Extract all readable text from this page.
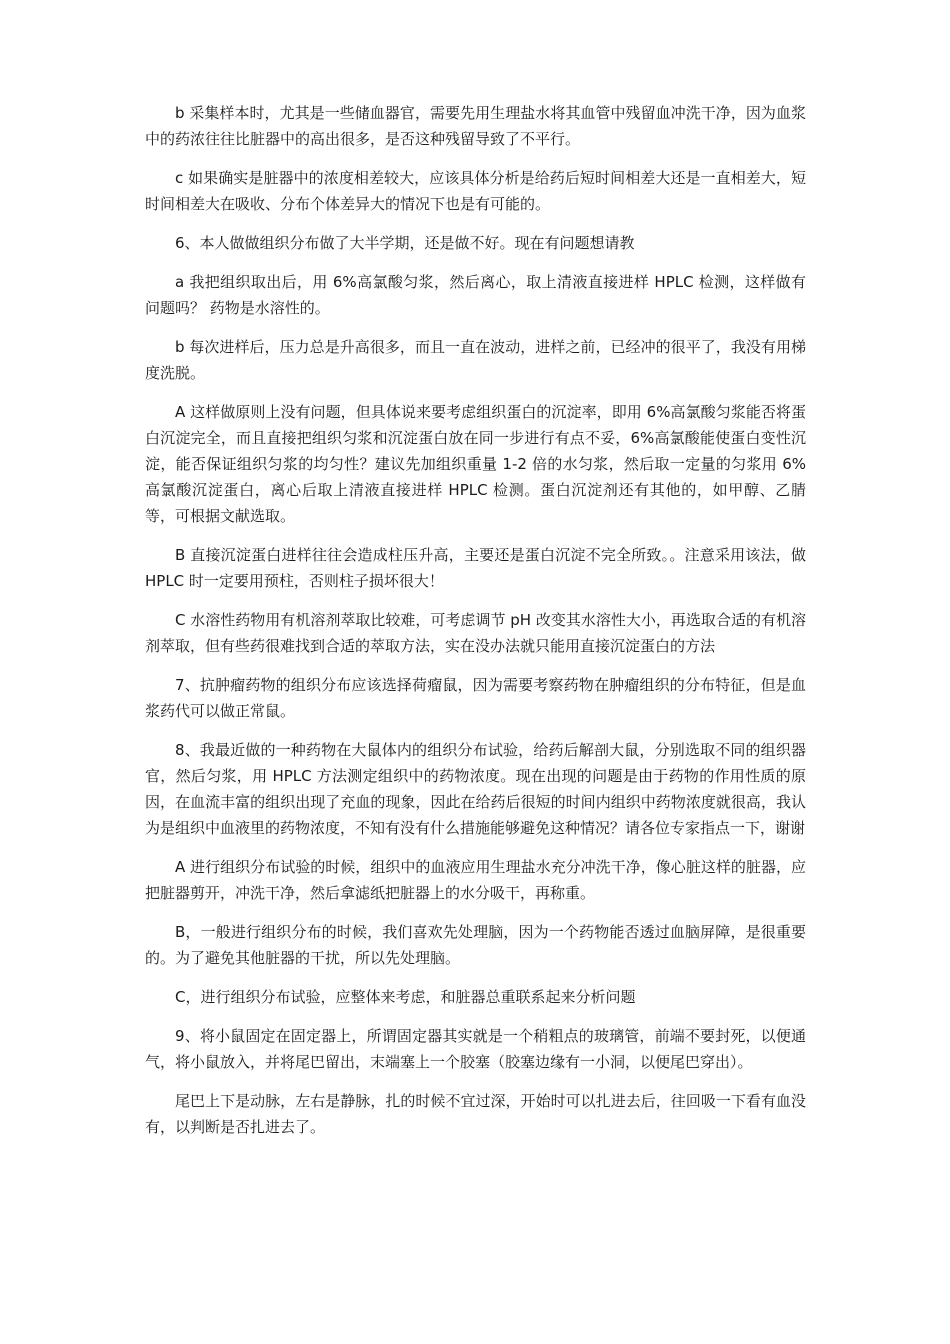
b 采集样本时，尤其是一些储血器官，需要先用生理盐水将其血管中残留血冲洗干净，因为血浆中的药浓往往比脏器中的高出很多，是否这种残留导致了不平行。

c 如果确实是脏器中的浓度相差较大，应该具体分析是给药后短时间相差大还是一直相差大，短时间相差大在吸收、分布个体差异大的情况下也是有可能的。

6、本人做做组织分布做了大半学期，还是做不好。现在有问题想请教

a 我把组织取出后，用 6%高氯酸匀浆，然后离心，取上清液直接进样 HPLC 检测，这样做有问题吗？ 药物是水溶性的。

b 每次进样后，压力总是升高很多，而且一直在波动，进样之前，已经冲的很平了，我没有用梯度洗脱。

A 这样做原则上没有问题，但具体说来要考虑组织蛋白的沉淀率，即用 6%高氯酸匀浆能否将蛋白沉淀完全，而且直接把组织匀浆和沉淀蛋白放在同一步进行有点不妥，6%高氯酸能使蛋白变性沉淀，能否保证组织匀浆的均匀性？建议先加组织重量 1-2 倍的水匀浆，然后取一定量的匀浆用 6%高氯酸沉淀蛋白，离心后取上清液直接进样 HPLC 检测。蛋白沉淀剂还有其他的，如甲醇、乙腈等，可根据文献选取。

B 直接沉淀蛋白进样往往会造成柱压升高，主要还是蛋白沉淀不完全所致。。注意采用该法，做 HPLC 时一定要用预柱，否则柱子损坏很大！

C 水溶性药物用有机溶剂萃取比较难，可考虑调节 pH 改变其水溶性大小，再选取合适的有机溶剂萃取，但有些药很难找到合适的萃取方法，实在没办法就只能用直接沉淀蛋白的方法

7、抗肿瘤药物的组织分布应该选择荷瘤鼠，因为需要考察药物在肿瘤组织的分布特征，但是血浆药代可以做正常鼠。

8、我最近做的一种药物在大鼠体内的组织分布试验，给药后解剖大鼠，分别选取不同的组织器官，然后匀浆，用 HPLC 方法测定组织中的药物浓度。现在出现的问题是由于药物的作用性质的原因，在血流丰富的组织出现了充血的现象，因此在给药后很短的时间内组织中药物浓度就很高，我认为是组织中血液里的药物浓度，不知有没有什么措施能够避免这种情况？请各位专家指点一下，谢谢

A 进行组织分布试验的时候，组织中的血液应用生理盐水充分冲洗干净，像心脏这样的脏器，应把脏器剪开，冲洗干净，然后拿滤纸把脏器上的水分吸干，再称重。

B，一般进行组织分布的时候，我们喜欢先处理脑，因为一个药物能否透过血脑屏障，是很重要的。为了避免其他脏器的干扰，所以先处理脑。

C，进行组织分布试验，应整体来考虑，和脏器总重联系起来分析问题

9、将小鼠固定在固定器上，所谓固定器其实就是一个稍粗点的玻璃管，前端不要封死，以便通气，将小鼠放入，并将尾巴留出，末端塞上一个胶塞（胶塞边缘有一小洞，以便尾巴穿出）。

尾巴上下是动脉，左右是静脉，扎的时候不宜过深，开始时可以扎进去后，往回吸一下看有血没有，以判断是否扎进去了。
